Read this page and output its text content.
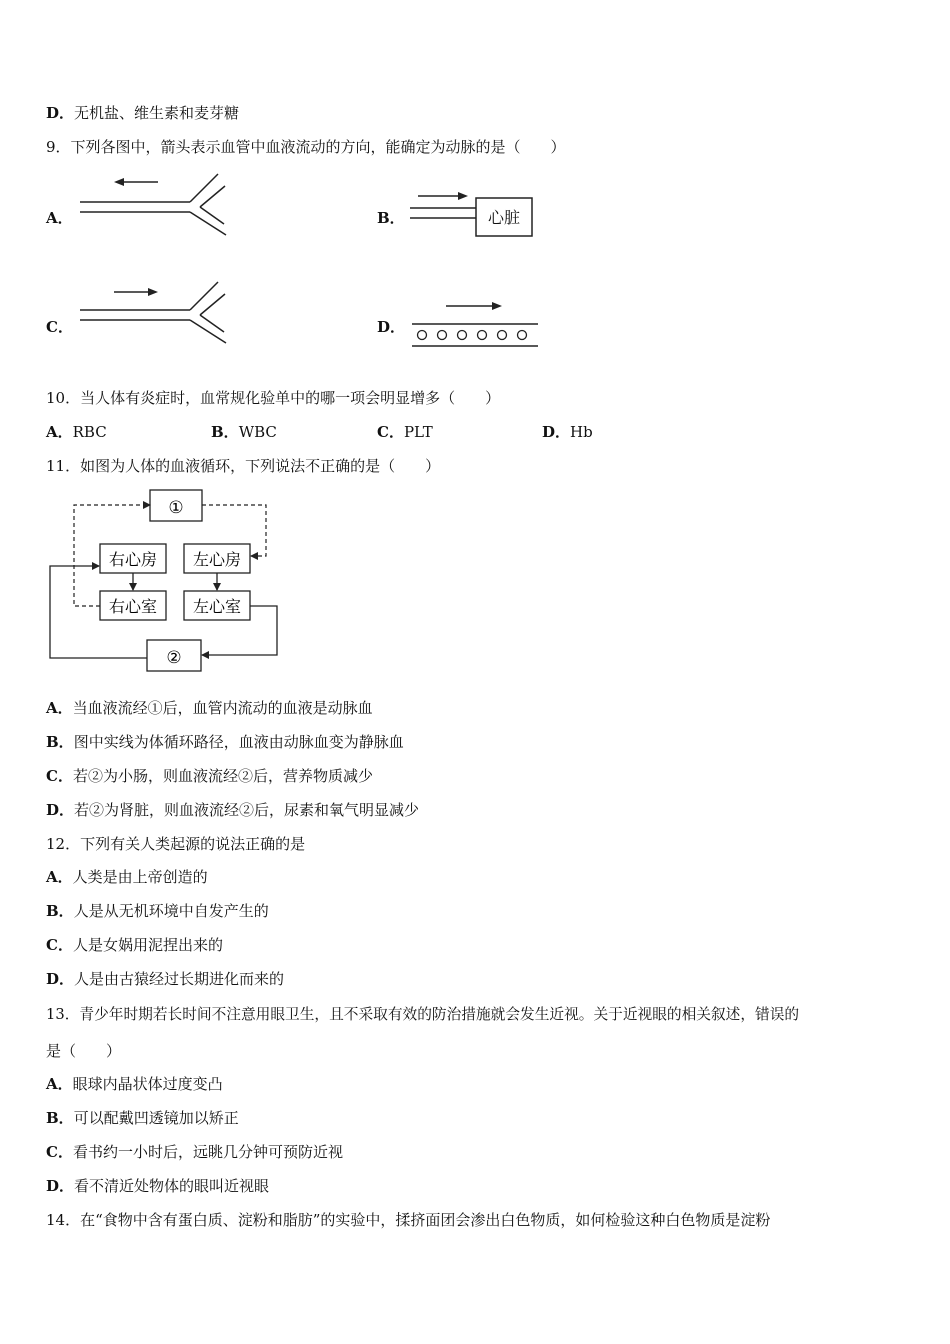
D．无机盐、维生素和麦芽糖
9．下列各图中，箭头表示血管中血液流动的方向，能确定为动脉的是（　　）
A．	B．	心脏
C．	D．
10．当人体有炎症时，血常规化验单中的哪一项会明显增多（　　）
A．RBC	B．WBC	C．PLT	D．Hb
11．如图为人体的血液循环，下列说法不正确的是（　　）
①
右心房 左心房
右心室 左心室
②
A．当血液流经①后，血管内流动的血液是动脉血
B．图中实线为体循环路径，血液由动脉血变为静脉血
C．若②为小肠，则血液流经②后，营养物质减少
D．若②为肾脏，则血液流经②后，尿素和氧气明显减少
12．下列有关人类起源的说法正确的是
A．人类是由上帝创造的
B．人是从无机环境中自发产生的
C．人是女娲用泥捏出来的
D．人是由古猿经过长期进化而来的
13．青少年时期若长时间不注意用眼卫生，且不采取有效的防治措施就会发生近视。关于近视眼的相关叙述，错误的
是（　　）
A．眼球内晶状体过度变凸
B．可以配戴凹透镜加以矫正
C．看书约一小时后，远眺几分钟可预防近视
D．看不清近处物体的眼叫近视眼
14．在“食物中含有蛋白质、淀粉和脂肪”的实验中，揉挤面团会渗出白色物质，如何检验这种白色物质是淀粉
